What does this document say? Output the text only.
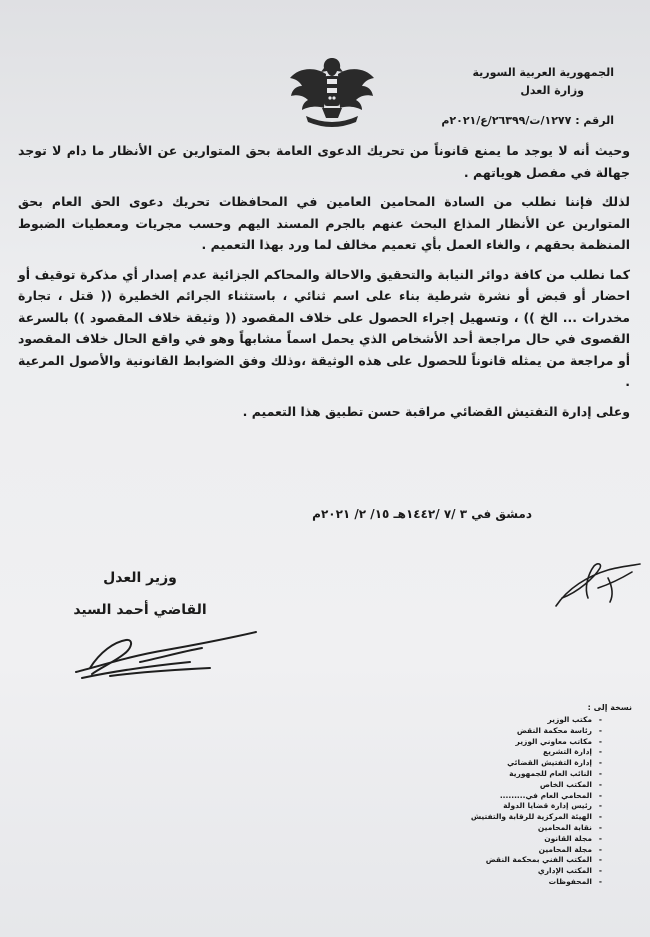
الجمهورية العربية السورية
وزارة العدل
الرقم : ١٢٧٧/ت/٢٦٣٩٩/ع/٢٠٢١م

وحيث أنه لا يوجد ما يمنع قانوناً من تحريك الدعوى العامة بحق المتوارين عن الأنظار ما دام لا توجد جهالة في مفصل هوياتهم .

لذلك فإننا نطلب من السادة المحامين العامين في المحافظات تحريك دعوى الحق العام بحق المتوارين عن الأنظار المذاع البحث عنهم بالجرم المسند اليهم وحسب مجريات ومعطيات الضبوط المنظمة بحقهم ، والغاء العمل بأي تعميم مخالف لما ورد بهذا التعميم .

كما نطلب من كافة دوائر النيابة والتحقيق والاحالة والمحاكم الجزائية عدم إصدار أي مذكرة توقيف أو احضار أو قبض أو نشرة شرطية بناء على اسم ثنائي ، باستثناء الجرائم الخطيرة (( قتل ، تجارة مخدرات ... الخ )) ، وتسهيل إجراء الحصول على خلاف المقصود (( وثيقة خلاف المقصود )) بالسرعة القصوى في حال مراجعة أحد الأشخاص الذي يحمل اسماً مشابهاً وهو في واقع الحال خلاف المقصود أو مراجعة من يمثله قانوناً للحصول على هذه الوثيقة ،وذلك وفق الضوابط القانونية والأصول المرعية .

وعلى إدارة التفتيش القضائي مراقبة حسن تطبيق هذا التعميم .

دمشق في ٣ /٧ /١٤٤٢هـ ١٥/ ٢/ ٢٠٢١م
وزير العدل
القاضي أحمد السيد
نسخة إلى :
مكتب الوزير -
رئاسة محكمة النقض -
مكاتب معاوني الوزير -
إدارة التشريع -
إدارة التفتيش القضائي -
النائب العام للجمهورية -
المكتب الخاص -
المحامي العام في......... -
رئيس إدارة قضايا الدولة -
الهيئة المركزية للرقابة والتفتيش -
نقابة المحامين -
مجلة القانون -
مجلة المحامين -
المكتب الفني بمحكمة النقض -
المكتب الإداري -
المحفوظات -
